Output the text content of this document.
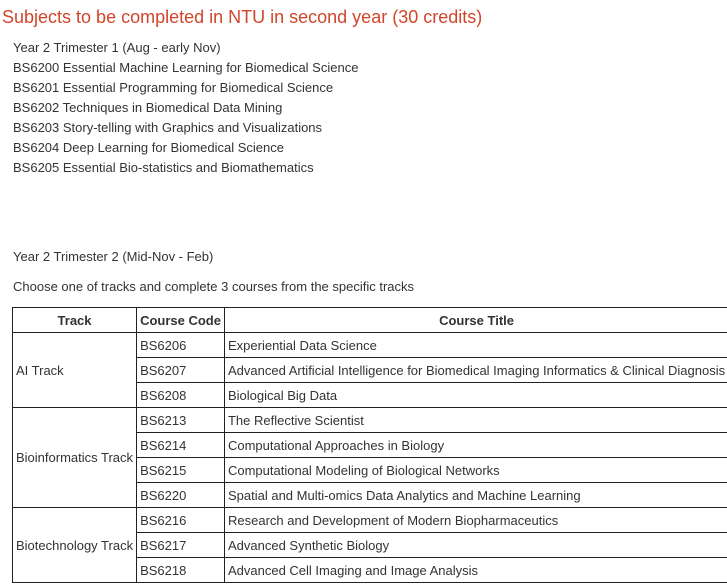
Subjects to be completed in NTU in second year (30 credits)
Year 2 Trimester 1 (Aug - early Nov)
BS6200 Essential Machine Learning for Biomedical Science
BS6201 Essential Programming for Biomedical Science
BS6202 Techniques in Biomedical Data Mining
BS6203 Story-telling with Graphics and Visualizations
BS6204 Deep Learning for Biomedical Science
BS6205 Essential Bio-statistics and Biomathematics
Year 2 Trimester 2 (Mid-Nov - Feb)
Choose one of tracks and complete 3 courses from the specific tracks
Track	Course Code	Course Title
AI Track	BS6206	Experiential Data Science
	BS6207	Advanced Artificial Intelligence for Biomedical Imaging Informatics & Clinical Diagnosis
	BS6208	Biological Big Data
Bioinformatics Track	BS6213	The Reflective Scientist
	BS6214	Computational Approaches in Biology
	BS6215	Computational Modeling of Biological Networks
	BS6220	Spatial and Multi-omics Data Analytics and Machine Learning
Biotechnology Track	BS6216	Research and Development of Modern Biopharmaceutics
	BS6217	Advanced Synthetic Biology
	BS6218	Advanced Cell Imaging and Image Analysis
